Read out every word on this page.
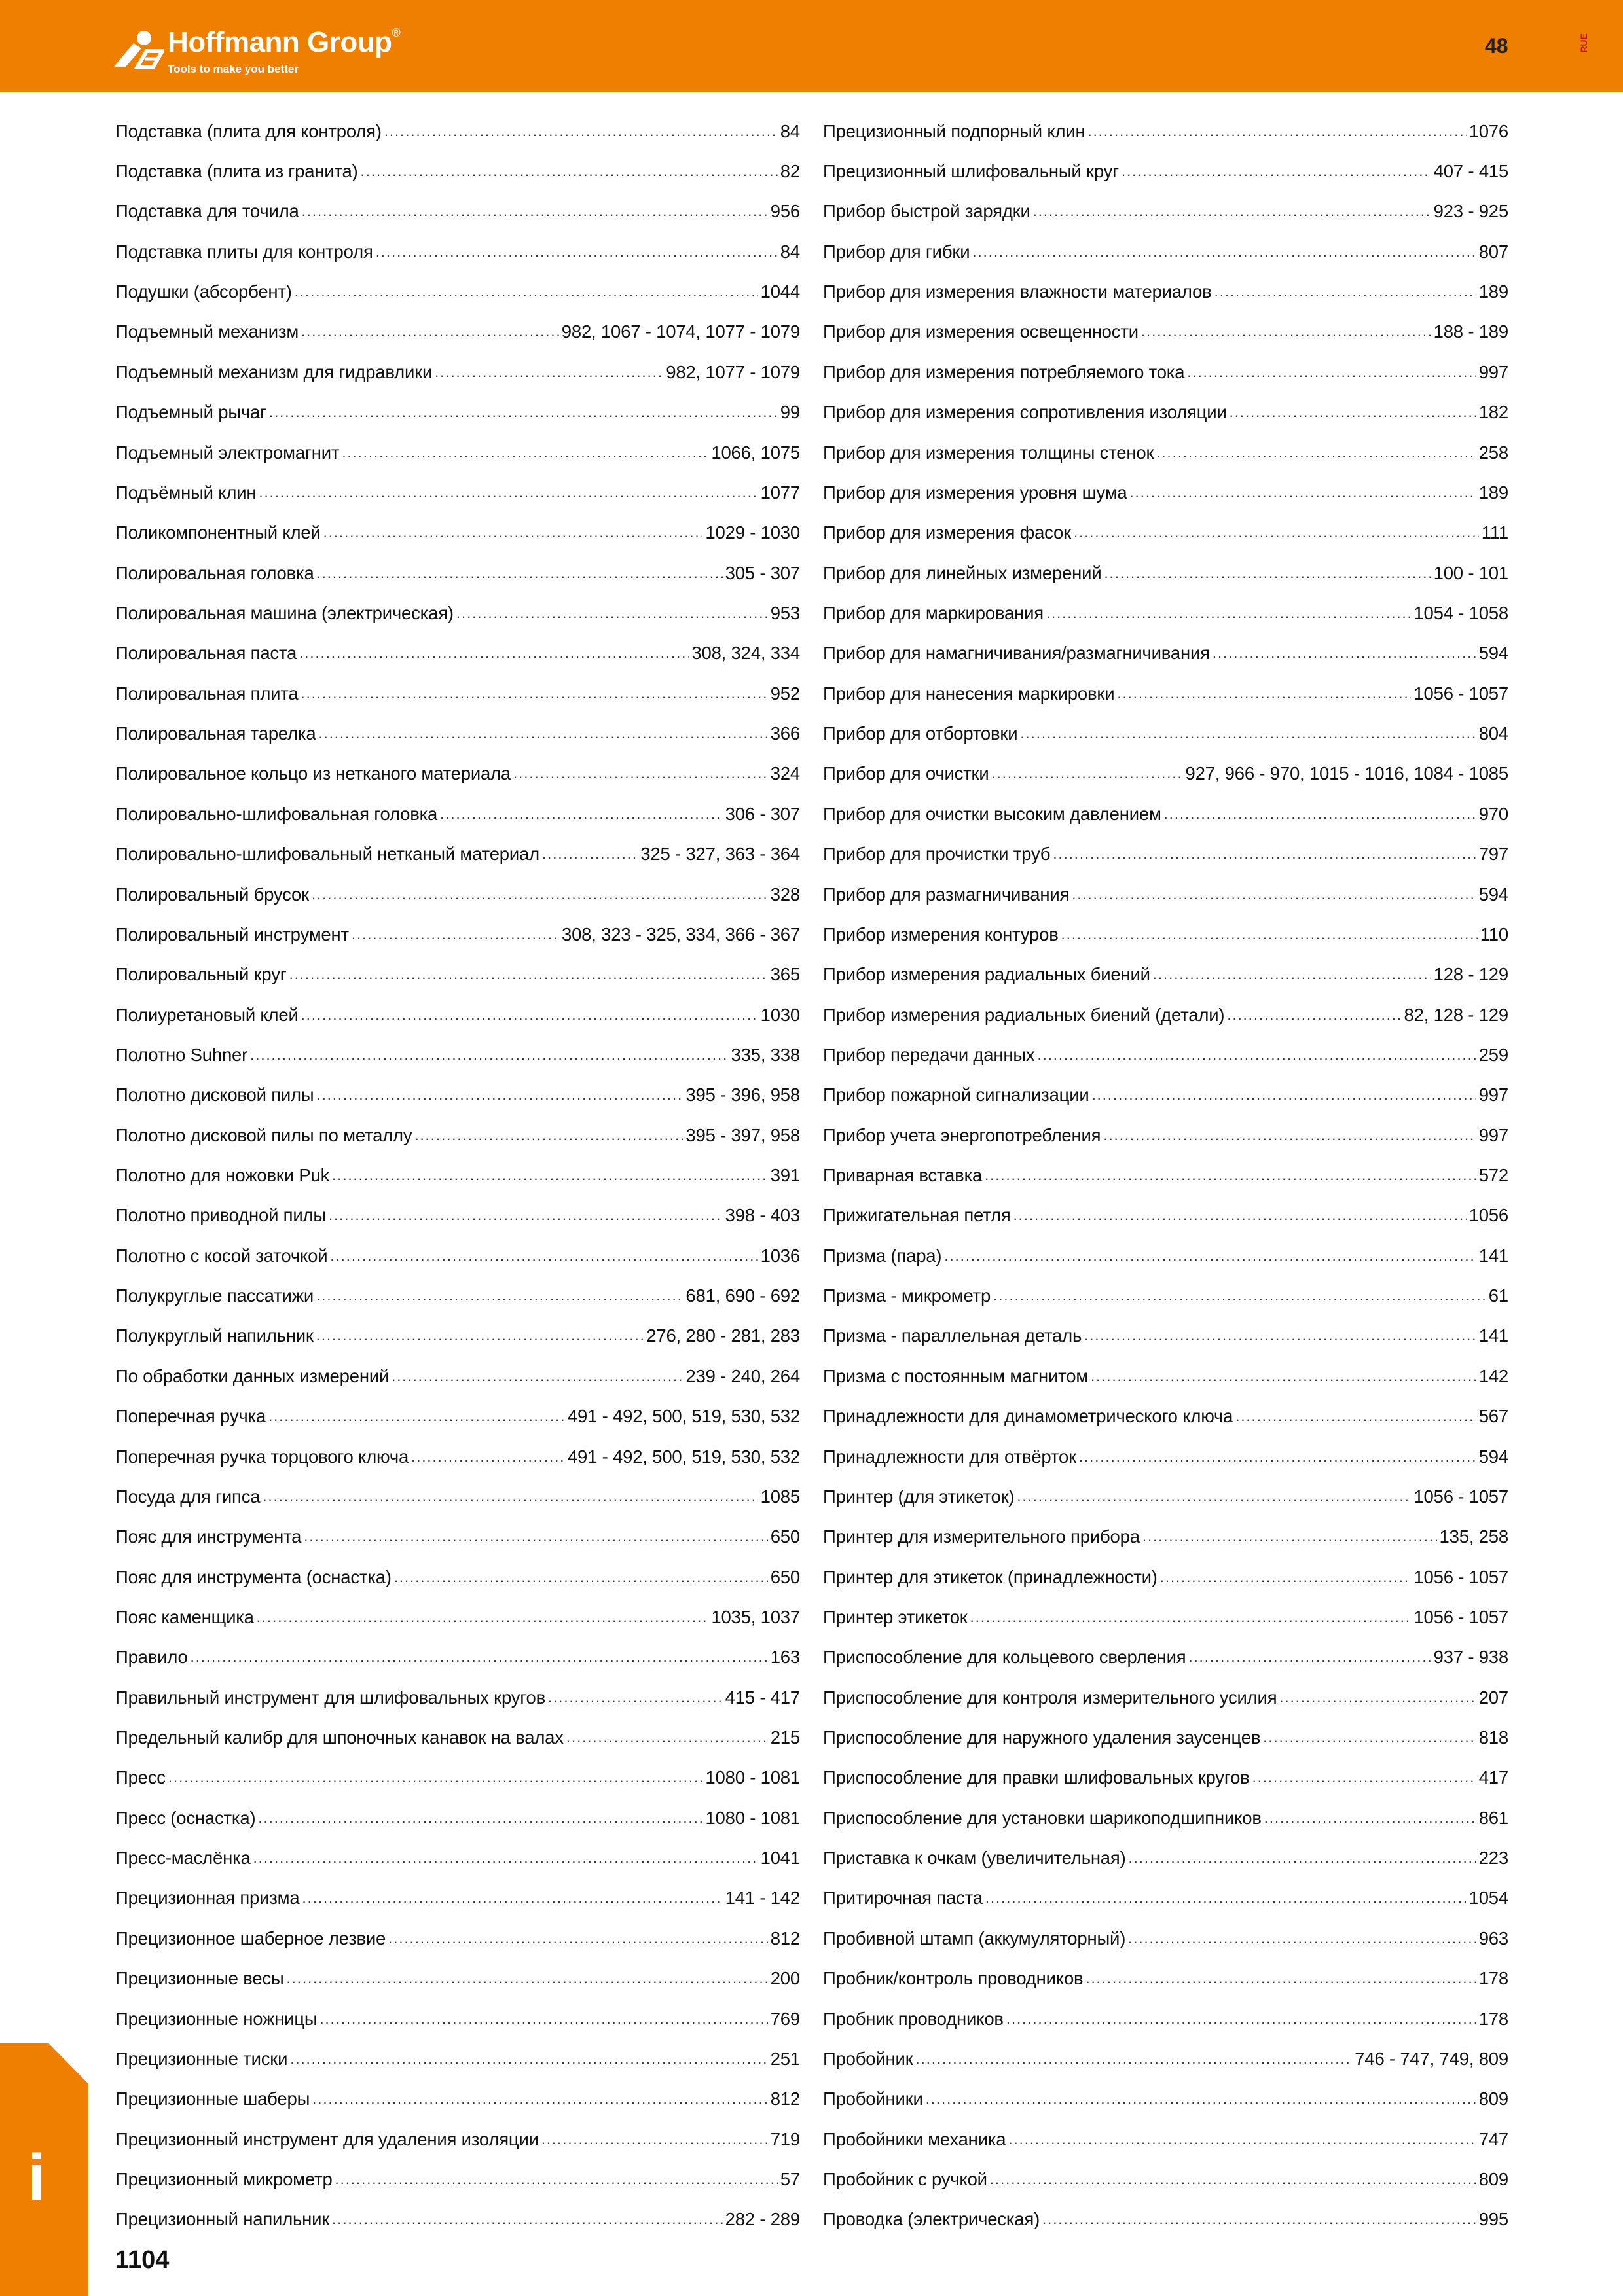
Hoffmann Group®
Tools to make you better
48	RUE
Подставка (плита для контроля) .....	84
Подставка (плита из гранита) .....	82
Подставка для точила .....	956
Подставка плиты для контроля .....	84
Подушки (абсорбент) .....	1044
Подъемный механизм .....	982, 1067 - 1074, 1077 - 1079
Подъемный механизм для гидравлики .....	982, 1077 - 1079
Подъемный рычаг .....	99
Подъемный электромагнит .....	1066, 1075
Подъёмный клин .....	1077
Поликомпонентный клей .....	1029 - 1030
Полировальная головка .....	305 - 307
Полировальная машина (электрическая) .....	953
Полировальная паста .....	308, 324, 334
Полировальная плита .....	952
Полировальная тарелка .....	366
Полировальное кольцо из нетканого материала .....	324
Полировально-шлифовальная головка .....	306 - 307
Полировально-шлифовальный нетканый материал .....	325 - 327, 363 - 364
Полировальный брусок .....	328
Полировальный инструмент .....	308, 323 - 325, 334, 366 - 367
Полировальный круг .....	365
Полиуретановый клей .....	1030
Полотно Suhner .....	335, 338
Полотно дисковой пилы .....	395 - 396, 958
Полотно дисковой пилы по металлу .....	395 - 397, 958
Полотно для ножовки Puk .....	391
Полотно приводной пилы .....	398 - 403
Полотно с косой заточкой .....	1036
Полукруглые пассатижи .....	681, 690 - 692
Полукруглый напильник .....	276, 280 - 281, 283
По обработки данных измерений .....	239 - 240, 264
Поперечная ручка .....	491 - 492, 500, 519, 530, 532
Поперечная ручка торцового ключа .....	491 - 492, 500, 519, 530, 532
Посуда для гипса .....	1085
Пояс для инструмента .....	650
Пояс для инструмента (оснастка) .....	650
Пояс каменщика .....	1035, 1037
Правило .....	163
Правильный инструмент для шлифовальных кругов .....	415 - 417
Предельный калибр для шпоночных канавок на валах .....	215
Пресс .....	1080 - 1081
Пресс (оснастка) .....	1080 - 1081
Пресс-маслёнка .....	1041
Прецизионная призма .....	141 - 142
Прецизионное шаберное лезвие .....	812
Прецизионные весы .....	200
Прецизионные ножницы .....	769
Прецизионные тиски .....	251
Прецизионные шаберы .....	812
Прецизионный инструмент для удаления изоляции .....	719
Прецизионный микрометр .....	57
Прецизионный напильник .....	282 - 289
Прецизионный подпорный клин .....	1076
Прецизионный шлифовальный круг .....	407 - 415
Прибор быстрой зарядки .....	923 - 925
Прибор для гибки .....	807
Прибор для измерения влажности материалов .....	189
Прибор для измерения освещенности .....	188 - 189
Прибор для измерения потребляемого тока .....	997
Прибор для измерения сопротивления изоляции .....	182
Прибор для измерения толщины стенок .....	258
Прибор для измерения уровня шума .....	189
Прибор для измерения фасок .....	111
Прибор для линейных измерений .....	100 - 101
Прибор для маркирования .....	1054 - 1058
Прибор для намагничивания/размагничивания .....	594
Прибор для нанесения маркировки .....	1056 - 1057
Прибор для отбортовки .....	804
Прибор для очистки .....	927, 966 - 970, 1015 - 1016, 1084 - 1085
Прибор для очистки высоким давлением .....	970
Прибор для прочистки труб .....	797
Прибор для размагничивания .....	594
Прибор измерения контуров .....	110
Прибор измерения радиальных биений .....	128 - 129
Прибор измерения радиальных биений (детали) .....	82, 128 - 129
Прибор передачи данных .....	259
Прибор пожарной сигнализации .....	997
Прибор учета энергопотребления .....	997
Приварная вставка .....	572
Прижигательная петля .....	1056
Призма (пара) .....	141
Призма - микрометр .....	61
Призма - параллельная деталь .....	141
Призма с постоянным магнитом .....	142
Принадлежности для динамометрического ключа .....	567
Принадлежности для отвёрток .....	594
Принтер (для этикеток) .....	1056 - 1057
Принтер для измерительного прибора .....	135, 258
Принтер для этикеток (принадлежности) .....	1056 - 1057
Принтер этикеток .....	1056 - 1057
Приспособление для кольцевого сверления .....	937 - 938
Приспособление для контроля измерительного усилия .....	207
Приспособление для наружного удаления заусенцев .....	818
Приспособление для правки шлифовальных кругов .....	417
Приспособление для установки шарикоподшипников .....	861
Приставка к очкам (увеличительная) .....	223
Притирочная паста .....	1054
Пробивной штамп (аккумуляторный) .....	963
Пробник/контроль проводников .....	178
Пробник проводников .....	178
Пробойник .....	746 - 747, 749, 809
Пробойники .....	809
Пробойники механика .....	747
Пробойник с ручкой .....	809
Проводка (электрическая) .....	995
i
1104
